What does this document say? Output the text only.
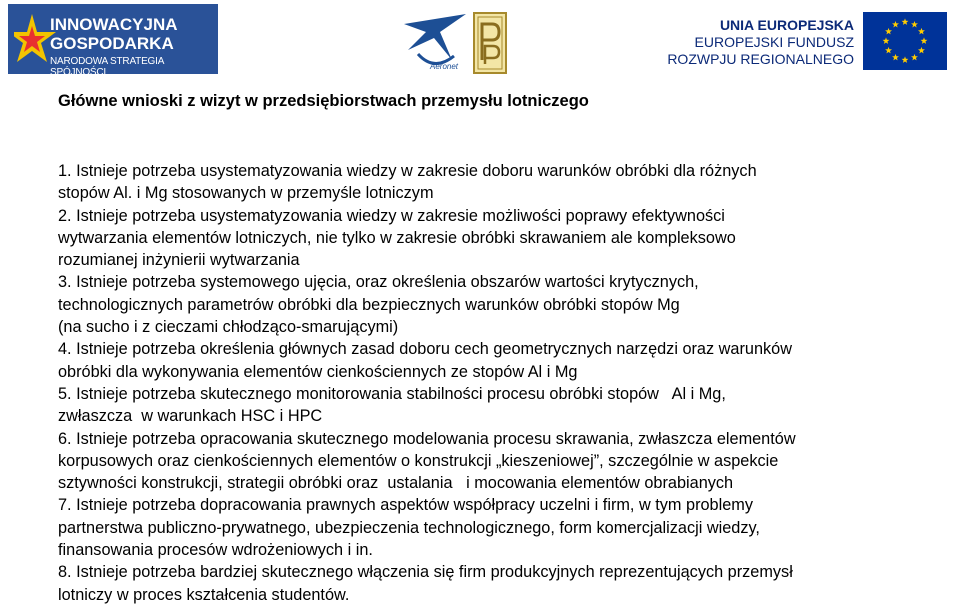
INNOWACYJNA
GOSPODARKA
NARODOWA STRATEGIA SPÓJNOŚCI
Aeronet
UNIA EUROPEJSKA
EUROPEJSKI FUNDUSZ
ROZWPJU REGIONALNEGO
Główne wnioski z wizyt w przedsiębiorstwach przemysłu lotniczego
1. Istnieje potrzeba usystematyzowania wiedzy w zakresie doboru warunków obróbki dla różnych
stopów Al. i Mg stosowanych w przemyśle lotniczym
2. Istnieje potrzeba usystematyzowania wiedzy w zakresie możliwości poprawy efektywności
wytwarzania elementów lotniczych, nie tylko w zakresie obróbki skrawaniem ale kompleksowo
rozumianej inżynierii wytwarzania
3. Istnieje potrzeba systemowego ujęcia, oraz określenia obszarów wartości krytycznych,
technologicznych parametrów obróbki dla bezpiecznych warunków obróbki stopów Mg
(na sucho i z cieczami chłodząco-smarującymi)
4. Istnieje potrzeba określenia głównych zasad doboru cech geometrycznych narzędzi oraz warunków
obróbki dla wykonywania elementów cienkościennych ze stopów Al i Mg
5. Istnieje potrzeba skutecznego monitorowania stabilności procesu obróbki stopów   Al i Mg,
zwłaszcza  w warunkach HSC i HPC
6. Istnieje potrzeba opracowania skutecznego modelowania procesu skrawania, zwłaszcza elementów
korpusowych oraz cienkościennych elementów o konstrukcji „kieszeniowej”, szczególnie w aspekcie
sztywności konstrukcji, strategii obróbki oraz  ustalania   i mocowania elementów obrabianych
7. Istnieje potrzeba dopracowania prawnych aspektów współpracy uczelni i firm, w tym problemy
partnerstwa publiczno-prywatnego, ubezpieczenia technologicznego, form komercjalizacji wiedzy,
finansowania procesów wdrożeniowych i in.
8. Istnieje potrzeba bardziej skutecznego włączenia się firm produkcyjnych reprezentujących przemysł
lotniczy w proces kształcenia studentów.
